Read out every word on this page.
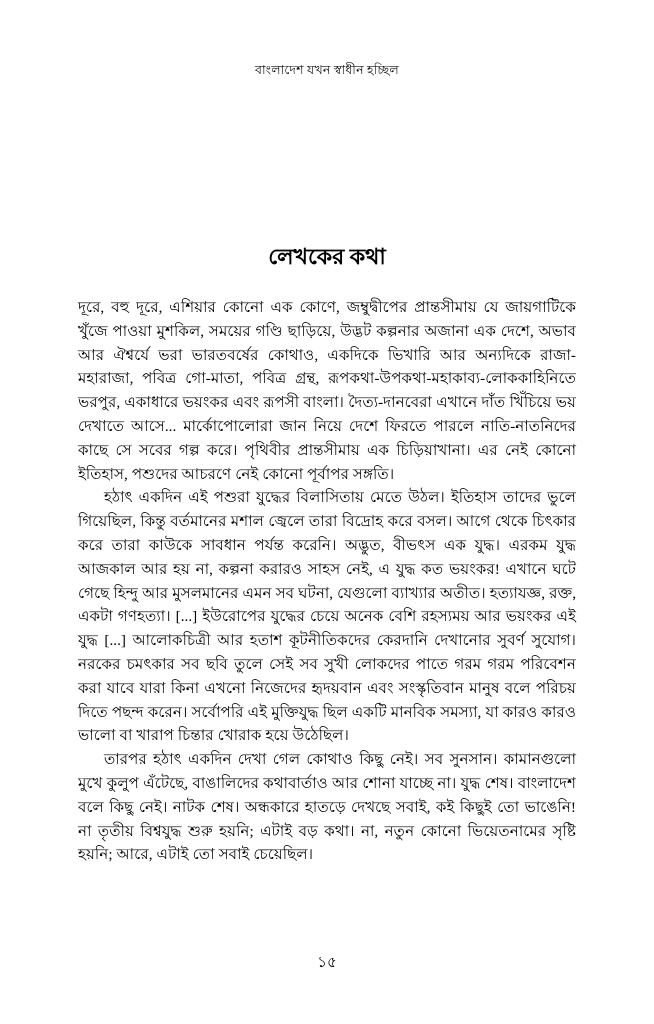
বাংলাদেশ যখন স্বাধীন হচ্ছিল
লেখকের কথা

দূরে, বহু দূরে, এশিয়ার কোনো এক কোণে, জম্বুদ্বীপের প্রান্তসীমায় যে জায়গাটিকে খুঁজে পাওয়া মুশকিল, সময়ের গণ্ডি ছাড়িয়ে, উদ্ভট কল্পনার অজানা এক দেশে, অভাব আর ঐশ্বর্যে ভরা ভারতবর্ষের কোথাও, একদিকে ভিখারি আর অন্যদিকে রাজা-মহারাজা, পবিত্র গো-মাতা, পবিত্র গ্রন্থ, রূপকথা-উপকথা-মহাকাব্য-লোককাহিনিতে ভরপুর, একাধারে ভয়ংকর এবং রূপসী বাংলা। দৈত্য-দানবেরা এখানে দাঁত খিঁচিয়ে ভয় দেখাতে আসে... মার্কোপোলোরা জান নিয়ে দেশে ফিরতে পারলে নাতি-নাতনিদের কাছে সে সবের গল্প করে। পৃথিবীর প্রান্তসীমায় এক চিড়িয়াখানা। এর নেই কোনো ইতিহাস, পশুদের আচরণে নেই কোনো পূর্বাপর সঙ্গতি।

হঠাৎ একদিন এই পশুরা যুদ্ধের বিলাসিতায় মেতে উঠল। ইতিহাস তাদের ভুলে গিয়েছিল, কিন্তু বর্তমানের মশাল জ্বেলে তারা বিদ্রোহ করে বসল। আগে থেকে চিৎকার করে তারা কাউকে সাবধান পর্যন্ত করেনি। অদ্ভুত, বীভৎস এক যুদ্ধ। এরকম যুদ্ধ আজকাল আর হয় না, কল্পনা করারও সাহস নেই, এ যুদ্ধ কত ভয়ংকর! এখানে ঘটে গেছে হিন্দু আর মুসলমানের এমন সব ঘটনা, যেগুলো ব্যাখ্যার অতীত। হত্যাযজ্ঞ, রক্ত, একটা গণহত্যা। [...] ইউরোপের যুদ্ধের চেয়ে অনেক বেশি রহস্যময় আর ভয়ংকর এই যুদ্ধ [...] আলোকচিত্রী আর হতাশ কূটনীতিকদের কেরদানি দেখানোর সুবর্ণ সুযোগ। নরকের চমৎকার সব ছবি তুলে সেই সব সুখী লোকদের পাতে গরম গরম পরিবেশন করা যাবে যারা কিনা এখনো নিজেদের হৃদয়বান এবং সংস্কৃতিবান মানুষ বলে পরিচয় দিতে পছন্দ করেন। সর্বোপরি এই মুক্তিযুদ্ধ ছিল একটি মানবিক সমস্যা, যা কারও কারও ভালো বা খারাপ চিন্তার খোরাক হয়ে উঠেছিল।

তারপর হঠাৎ একদিন দেখা গেল কোথাও কিছু নেই। সব সুনসান। কামানগুলো মুখে কুলুপ এঁটেছে, বাঙালিদের কথাবার্তাও আর শোনা যাচ্ছে না। যুদ্ধ শেষ। বাংলাদেশ বলে কিছু নেই। নাটক শেষ। অন্ধকারে হাতড়ে দেখছে সবাই, কই কিছুই তো ভাঙেনি! না তৃতীয় বিশ্বযুদ্ধ শুরু হয়নি; এটাই বড় কথা। না, নতুন কোনো ভিয়েতনামের সৃষ্টি হয়নি; আরে, এটাই তো সবাই চেয়েছিল।

১৫
